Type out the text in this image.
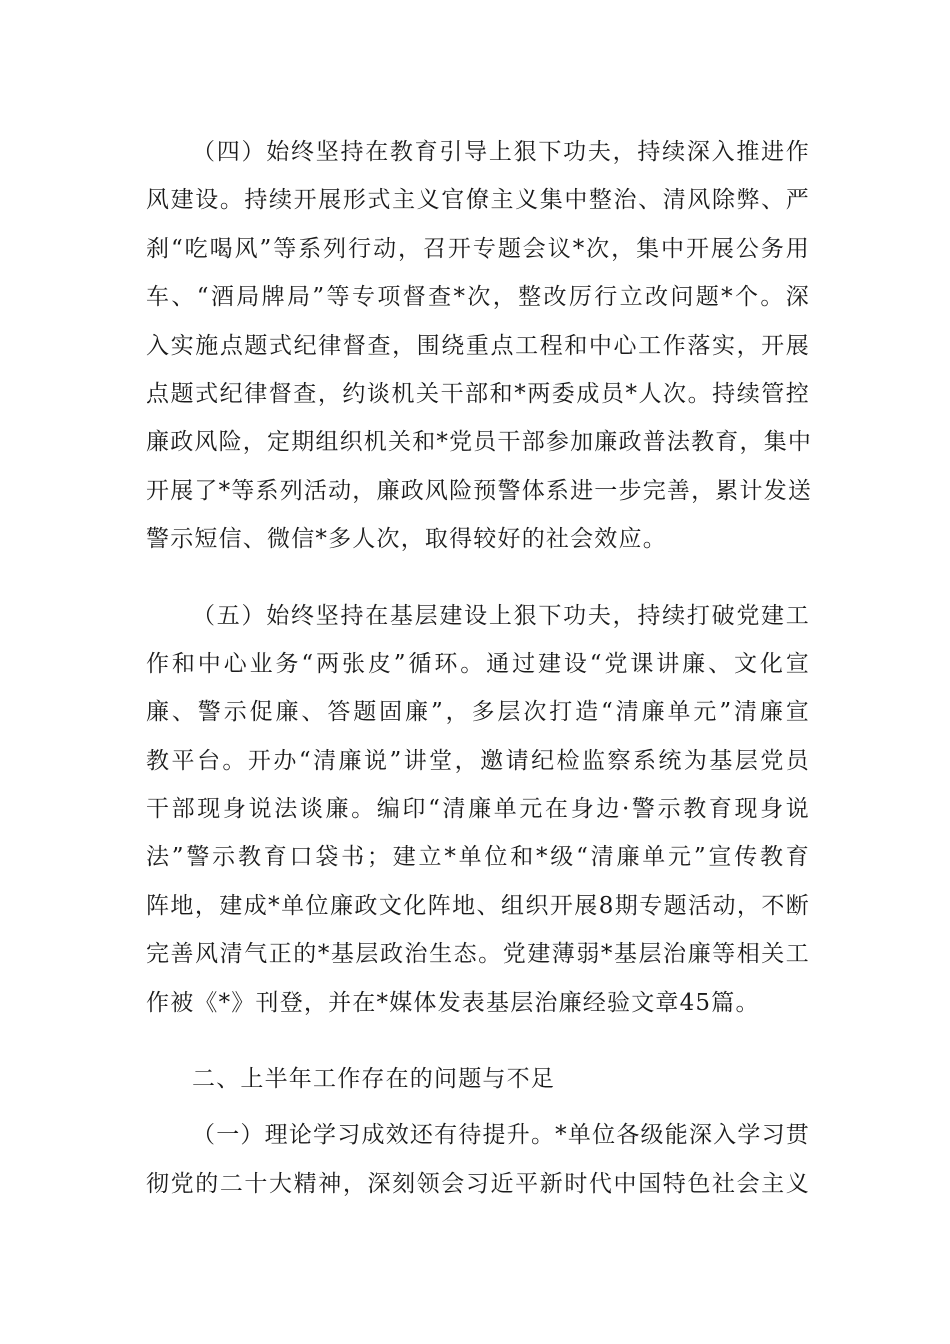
（四）始终坚持在教育引导上狠下功夫，持续深入推进作
风建设。持续开展形式主义官僚主义集中整治、清风除弊、严
刹“吃喝风”等系列行动，召开专题会议*次，集中开展公务用
车、“酒局牌局”等专项督查*次，整改厉行立改问题*个。深
入实施点题式纪律督查，围绕重点工程和中心工作落实，开展
点题式纪律督查，约谈机关干部和*两委成员*人次。持续管控
廉政风险，定期组织机关和*党员干部参加廉政普法教育，集中
开展了*等系列活动，廉政风险预警体系进一步完善，累计发送
警示短信、微信*多人次，取得较好的社会效应。
（五）始终坚持在基层建设上狠下功夫，持续打破党建工
作和中心业务“两张皮”循环。通过建设“党课讲廉、文化宣
廉、警示促廉、答题固廉”，多层次打造“清廉单元”清廉宣
教平台。开办“清廉说”讲堂，邀请纪检监察系统为基层党员
干部现身说法谈廉。编印“清廉单元在身边·警示教育现身说
法”警示教育口袋书；建立*单位和*级“清廉单元”宣传教育
阵地，建成*单位廉政文化阵地、组织开展8期专题活动，不断
完善风清气正的*基层政治生态。党建薄弱*基层治廉等相关工
作被《*》刊登，并在*媒体发表基层治廉经验文章45篇。
二、上半年工作存在的问题与不足
（一）理论学习成效还有待提升。*单位各级能深入学习贯
彻党的二十大精神，深刻领会习近平新时代中国特色社会主义
